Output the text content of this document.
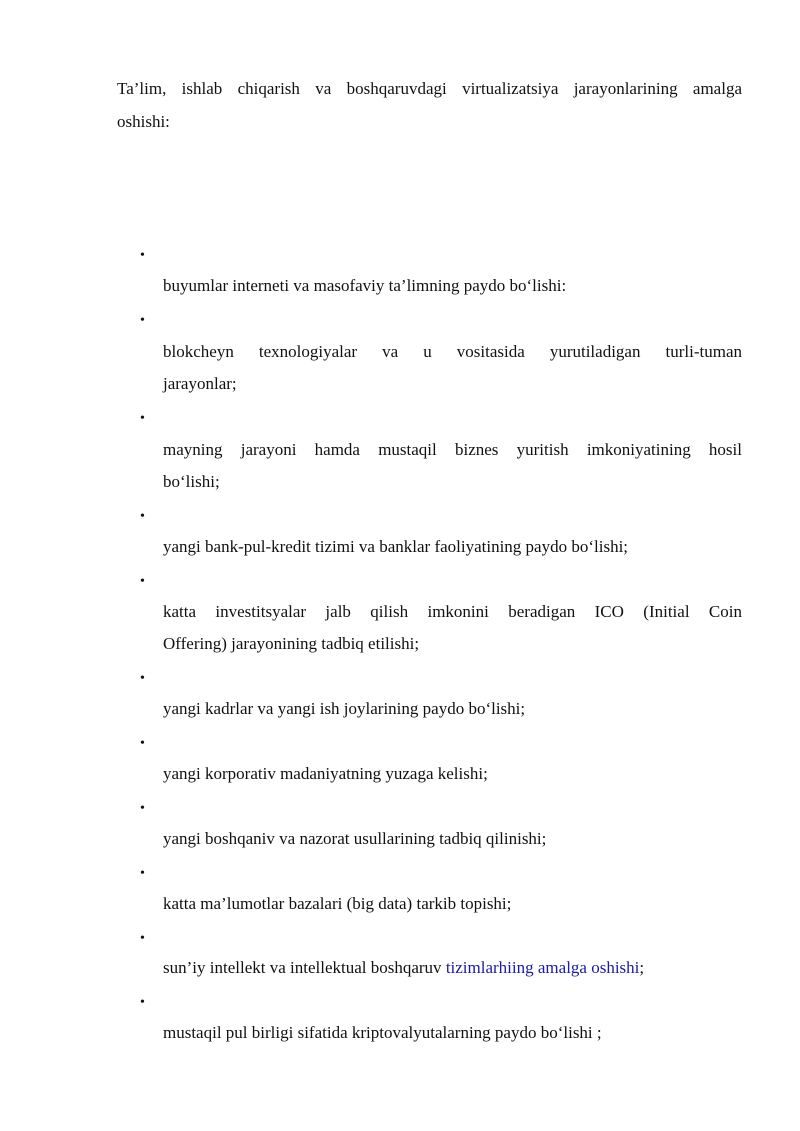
Ta’lim, ishlab chiqarish va boshqaruvdagi virtualizatsiya jarayonlarining amalga
oshishi:

•

buyumlar interneti va masofaviy ta’limning paydo bo‘lishi:

•

blokcheyn texnologiyalar va u vositasida yurutiladigan turli-tuman
jarayonlar;

•

mayning jarayoni hamda mustaqil biznes yuritish imkoniyatining hosil
bo‘lishi;

•

yangi bank-pul-kredit tizimi va banklar faoliyatining paydo bo‘lishi;

•

katta investitsyalar jalb qilish imkonini beradigan ICO (Initial Coin
Offering) jarayonining tadbiq etilishi;

•

yangi kadrlar va yangi ish joylarining paydo bo‘lishi;

•

yangi korporativ madaniyatning yuzaga kelishi;

•

yangi boshqaniv va nazorat usullarining tadbiq qilinishi;

•

katta ma’lumotlar bazalari (big data) tarkib topishi;

•

sun’iy intellekt va intellektual boshqaruv tizimlarhiing amalga oshishi;

•

mustaqil pul birligi sifatida kriptovalyutalarning paydo bo‘lishi ;
